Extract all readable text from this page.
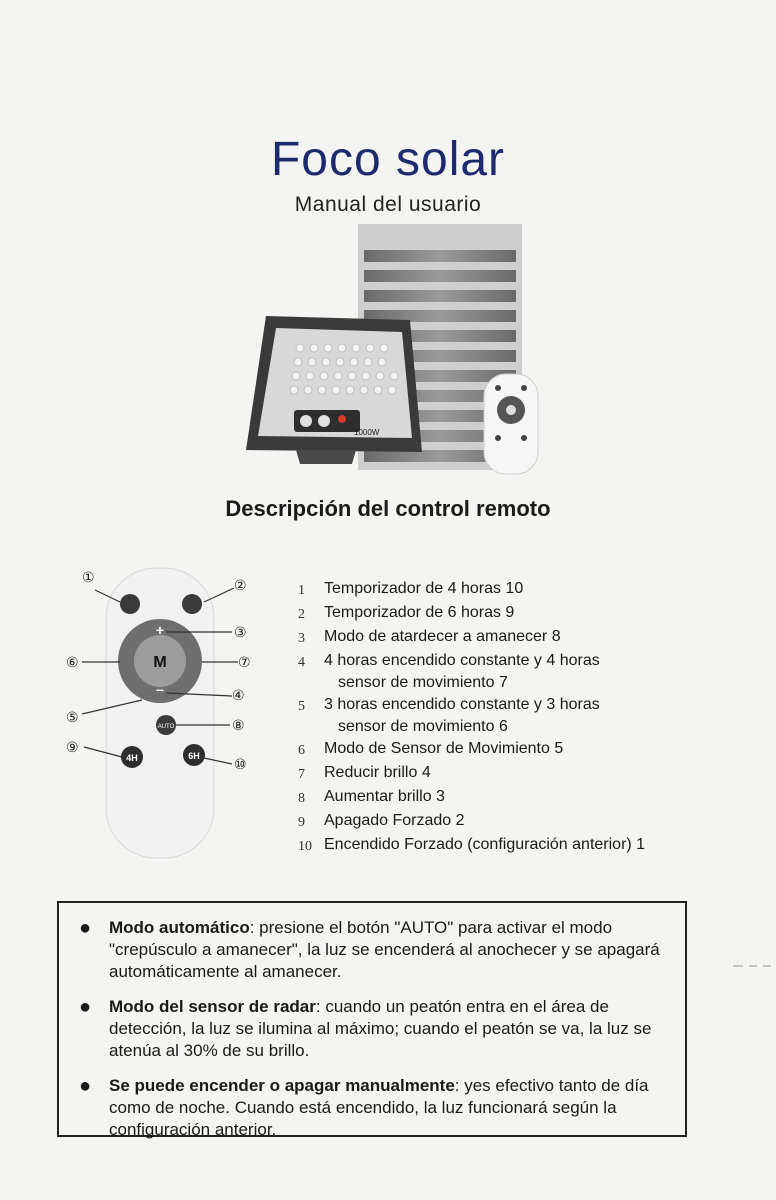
Foco solar
Manual del usuario
1000W
Descripción del control remoto
M
+
−
AUTO
4H	6H
①	②
③
④
⑤
⑥	⑦
⑧
⑨
⑩
1	Temporizador de 4 horas 10
2	Temporizador de 6 horas 9
3	Modo de atardecer a amanecer 8
4	4 horas encendido constante y 4 horas
sensor de movimiento 7
5	3 horas encendido constante y 3 horas
sensor de movimiento 6
6	Modo de Sensor de Movimiento 5
7	Reducir brillo 4
8	Aumentar brillo 3
9	Apagado Forzado 2
10 Encendido Forzado (configuración anterior) 1
●	Modo automático: presione el botón "AUTO" para activar el modo "crepúsculo a amanecer", la luz se encenderá al anochecer y se apagará automáticamente al amanecer.
●	Modo del sensor de radar: cuando un peatón entra en el área de detección, la luz se ilumina al máximo; cuando el peatón se va, la luz se atenúa al 30% de su brillo.
●	Se puede encender o apagar manualmente: yes efectivo tanto de día como de noche. Cuando está encendido, la luz funcionará según la configuración anterior.
